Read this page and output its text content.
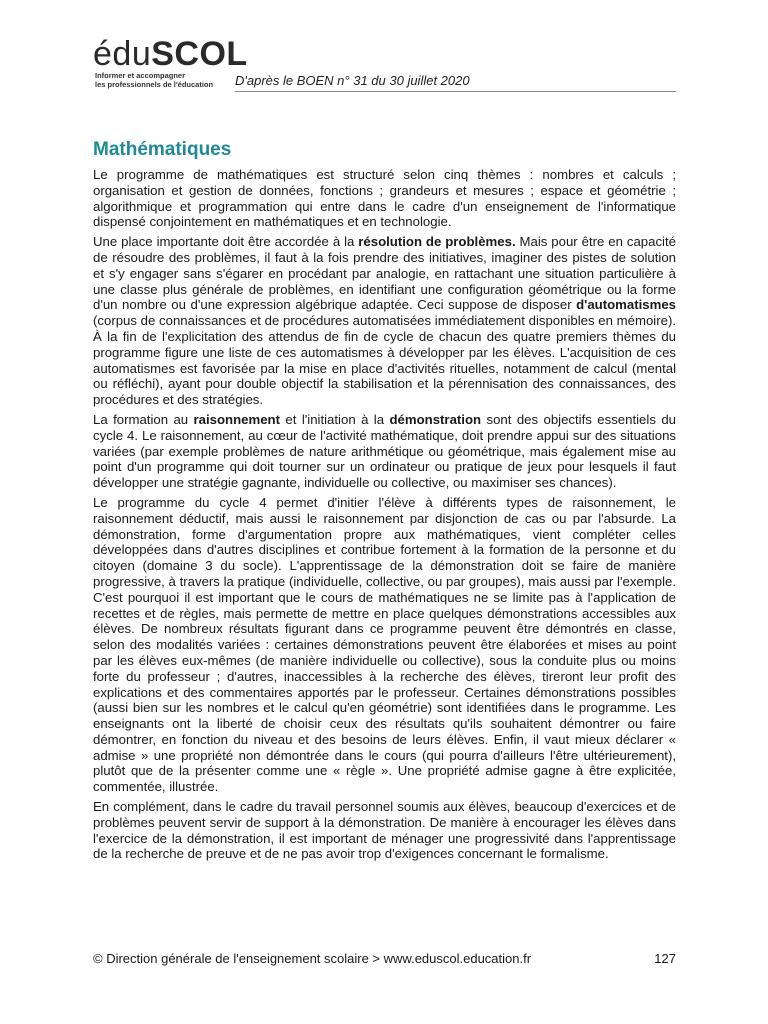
éduSCOL
Informer et accompagner
les professionnels de l'éducation	D'après le BOEN n° 31 du 30 juillet 2020
Mathématiques

Le programme de mathématiques est structuré selon cinq thèmes : nombres et calculs ; organisation et gestion de données, fonctions ; grandeurs et mesures ; espace et géométrie ; algorithmique et programmation qui entre dans le cadre d'un enseignement de l'informatique dispensé conjointement en mathématiques et en technologie.

Une place importante doit être accordée à la résolution de problèmes. Mais pour être en capacité de résoudre des problèmes, il faut à la fois prendre des initiatives, imaginer des pistes de solution et s'y engager sans s'égarer en procédant par analogie, en rattachant une situation particulière à une classe plus générale de problèmes, en identifiant une configuration géométrique ou la forme d'un nombre ou d'une expression algébrique adaptée. Ceci suppose de disposer d'automatismes (corpus de connaissances et de procédures automatisées immédiatement disponibles en mémoire). À la fin de l'explicitation des attendus de fin de cycle de chacun des quatre premiers thèmes du programme figure une liste de ces automatismes à développer par les élèves. L'acquisition de ces automatismes est favorisée par la mise en place d'activités rituelles, notamment de calcul (mental ou réfléchi), ayant pour double objectif la stabilisation et la pérennisation des connaissances, des procédures et des stratégies.

La formation au raisonnement et l'initiation à la démonstration sont des objectifs essentiels du cycle 4. Le raisonnement, au cœur de l'activité mathématique, doit prendre appui sur des situations variées (par exemple problèmes de nature arithmétique ou géométrique, mais également mise au point d'un programme qui doit tourner sur un ordinateur ou pratique de jeux pour lesquels il faut développer une stratégie gagnante, individuelle ou collective, ou maximiser ses chances).

Le programme du cycle 4 permet d'initier l'élève à différents types de raisonnement, le raisonnement déductif, mais aussi le raisonnement par disjonction de cas ou par l'absurde. La démonstration, forme d'argumentation propre aux mathématiques, vient compléter celles développées dans d'autres disciplines et contribue fortement à la formation de la personne et du citoyen (domaine 3 du socle). L'apprentissage de la démonstration doit se faire de manière progressive, à travers la pratique (individuelle, collective, ou par groupes), mais aussi par l'exemple. C'est pourquoi il est important que le cours de mathématiques ne se limite pas à l'application de recettes et de règles, mais permette de mettre en place quelques démonstrations accessibles aux élèves. De nombreux résultats figurant dans ce programme peuvent être démontrés en classe, selon des modalités variées : certaines démonstrations peuvent être élaborées et mises au point par les élèves eux-mêmes (de manière individuelle ou collective), sous la conduite plus ou moins forte du professeur ; d'autres, inaccessibles à la recherche des élèves, tireront leur profit des explications et des commentaires apportés par le professeur. Certaines démonstrations possibles (aussi bien sur les nombres et le calcul qu'en géométrie) sont identifiées dans le programme. Les enseignants ont la liberté de choisir ceux des résultats qu'ils souhaitent démontrer ou faire démontrer, en fonction du niveau et des besoins de leurs élèves. Enfin, il vaut mieux déclarer « admise » une propriété non démontrée dans le cours (qui pourra d'ailleurs l'être ultérieurement), plutôt que de la présenter comme une « règle ». Une propriété admise gagne à être explicitée, commentée, illustrée.

En complément, dans le cadre du travail personnel soumis aux élèves, beaucoup d'exercices et de problèmes peuvent servir de support à la démonstration. De manière à encourager les élèves dans l'exercice de la démonstration, il est important de ménager une progressivité dans l'apprentissage de la recherche de preuve et de ne pas avoir trop d'exigences concernant le formalisme.

© Direction générale de l'enseignement scolaire > www.eduscol.education.fr	127
